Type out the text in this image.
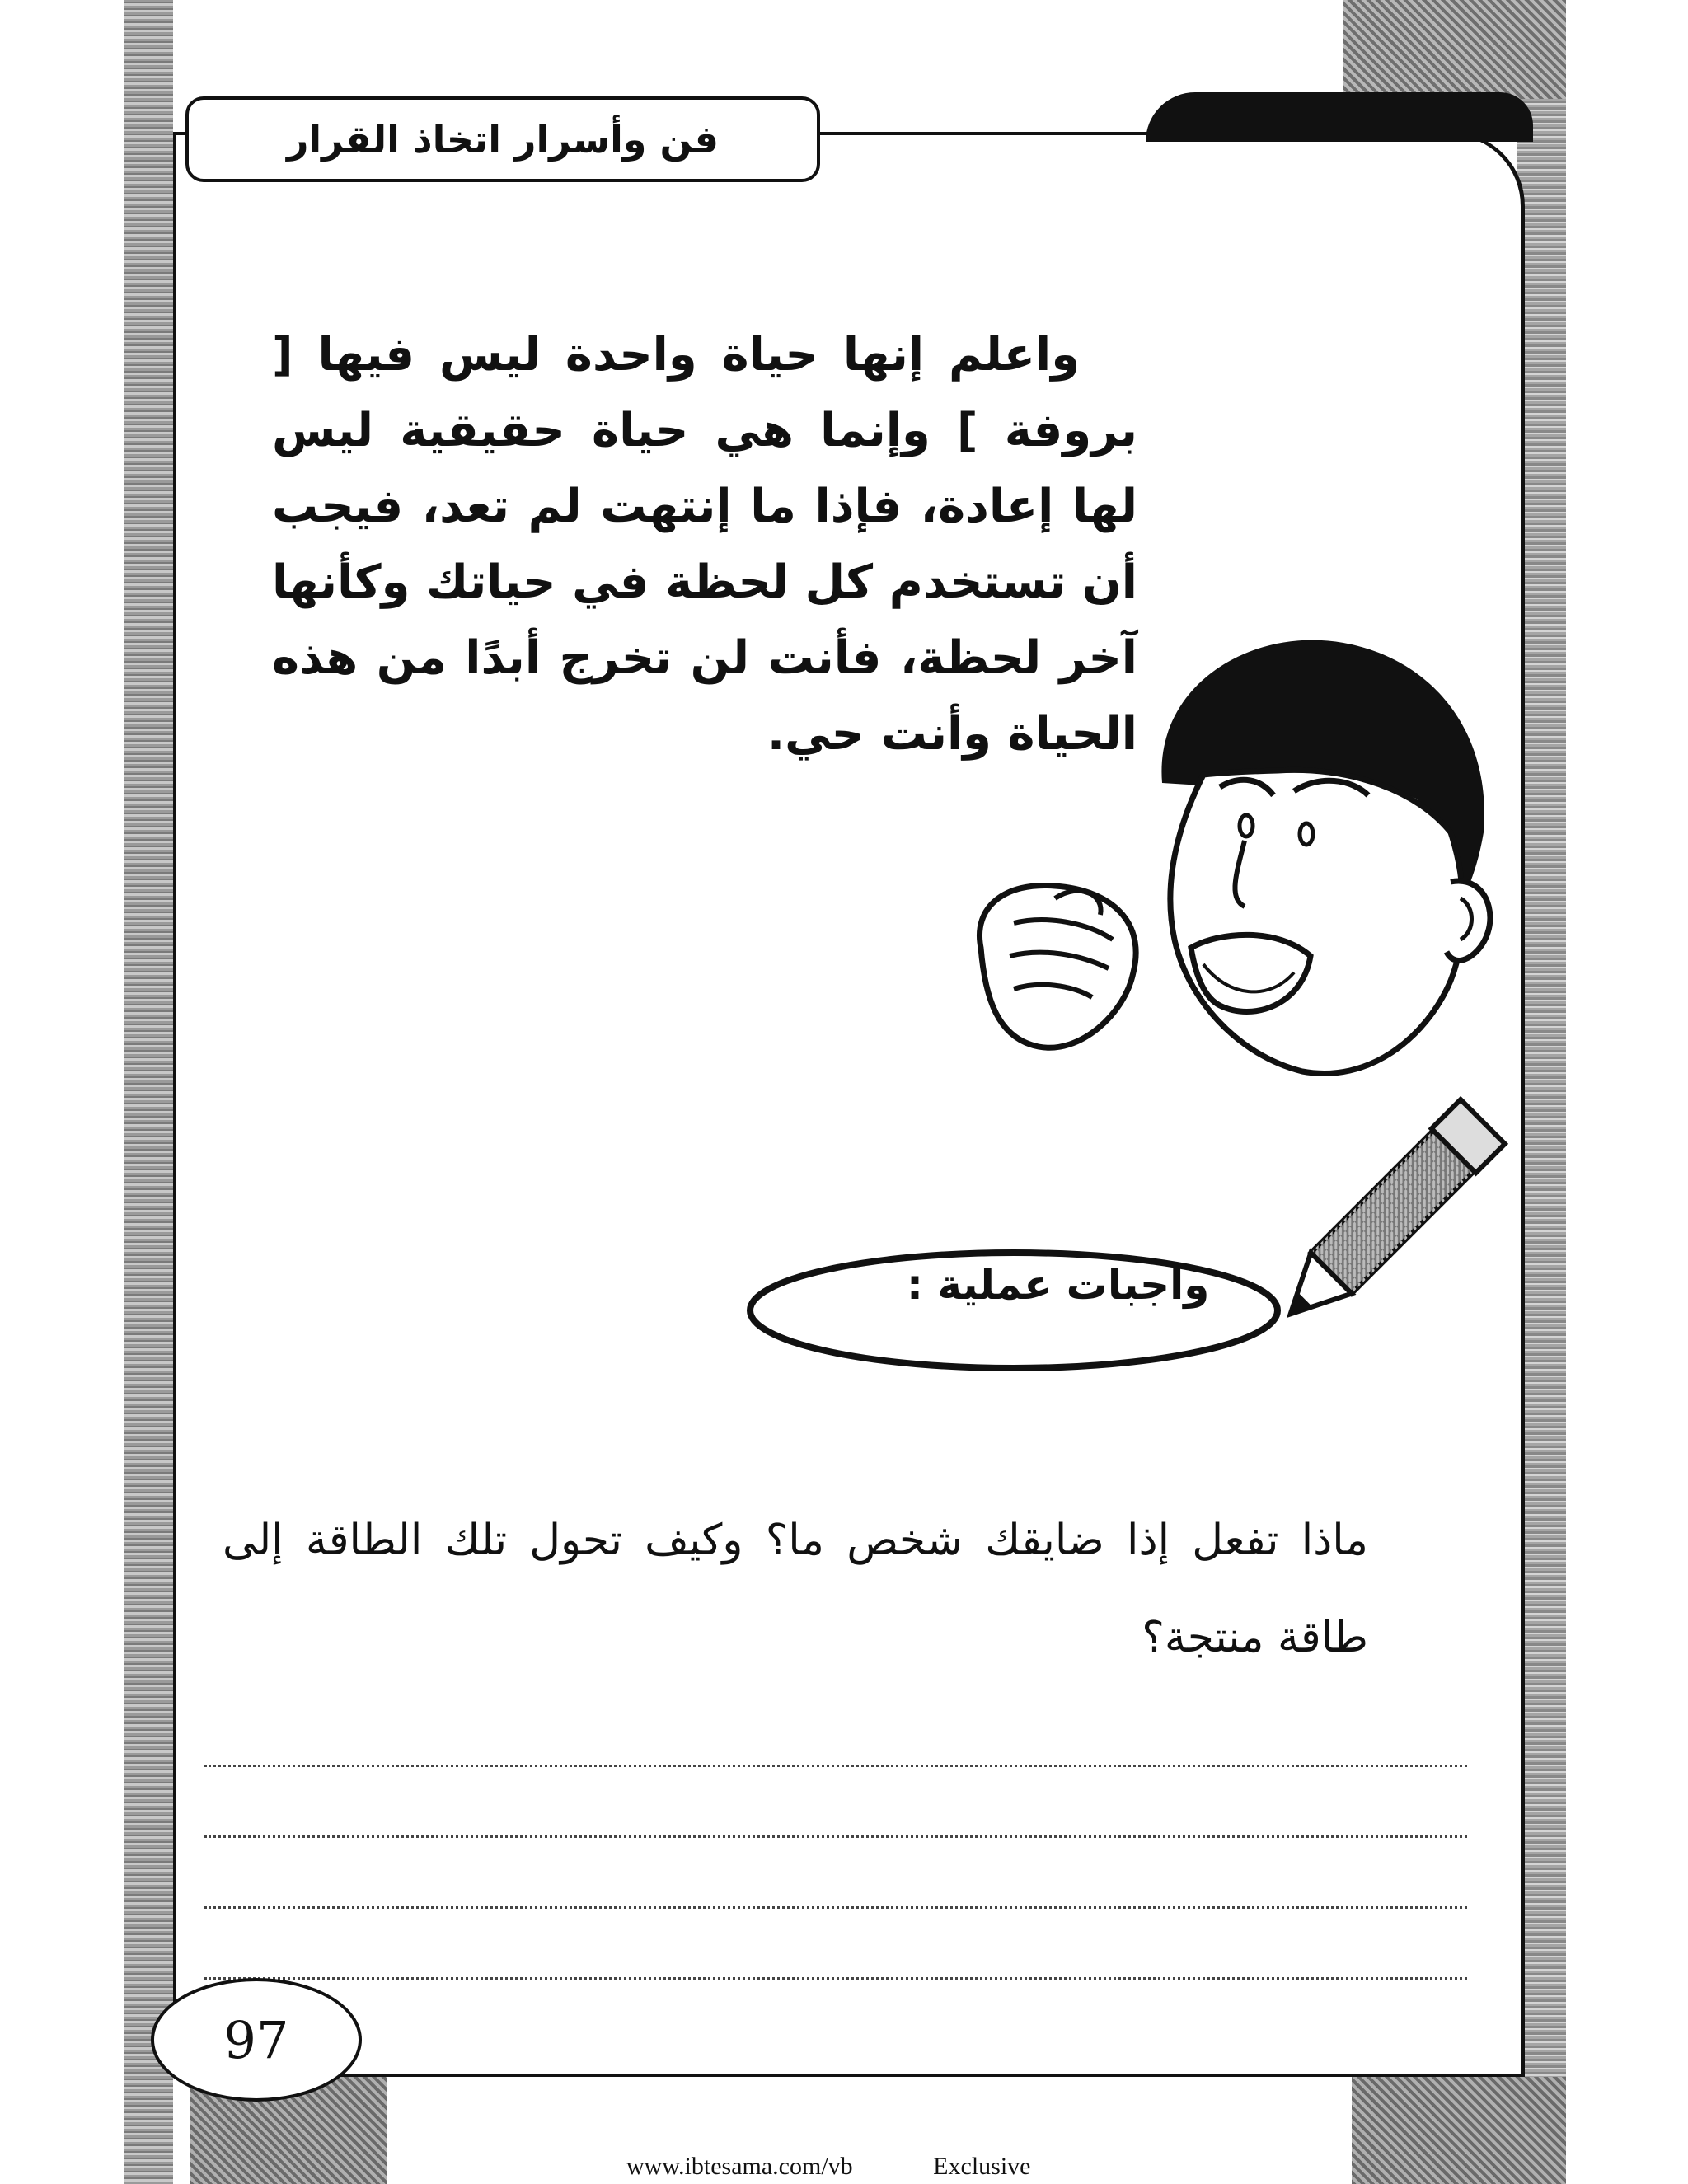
فن وأسرار اتخاذ القرار
واعلم إنها حياة واحدة ليس فيها [ بروفة ] وإنما هي حياة حقيقية ليس لها إعادة، فإذا ما إنتهت لم تعد، فيجب أن تستخدم كل لحظة في حياتك وكأنها آخر لحظة، فأنت لن تخرج أبدًا من هذه الحياة وأنت حي.
واجبات عملية :
ماذا تفعل إذا ضايقك شخص ما؟ وكيف تحول تلك الطاقة إلى طاقة منتجة؟
97
www.ibtesama.com/vb	Exclusive
